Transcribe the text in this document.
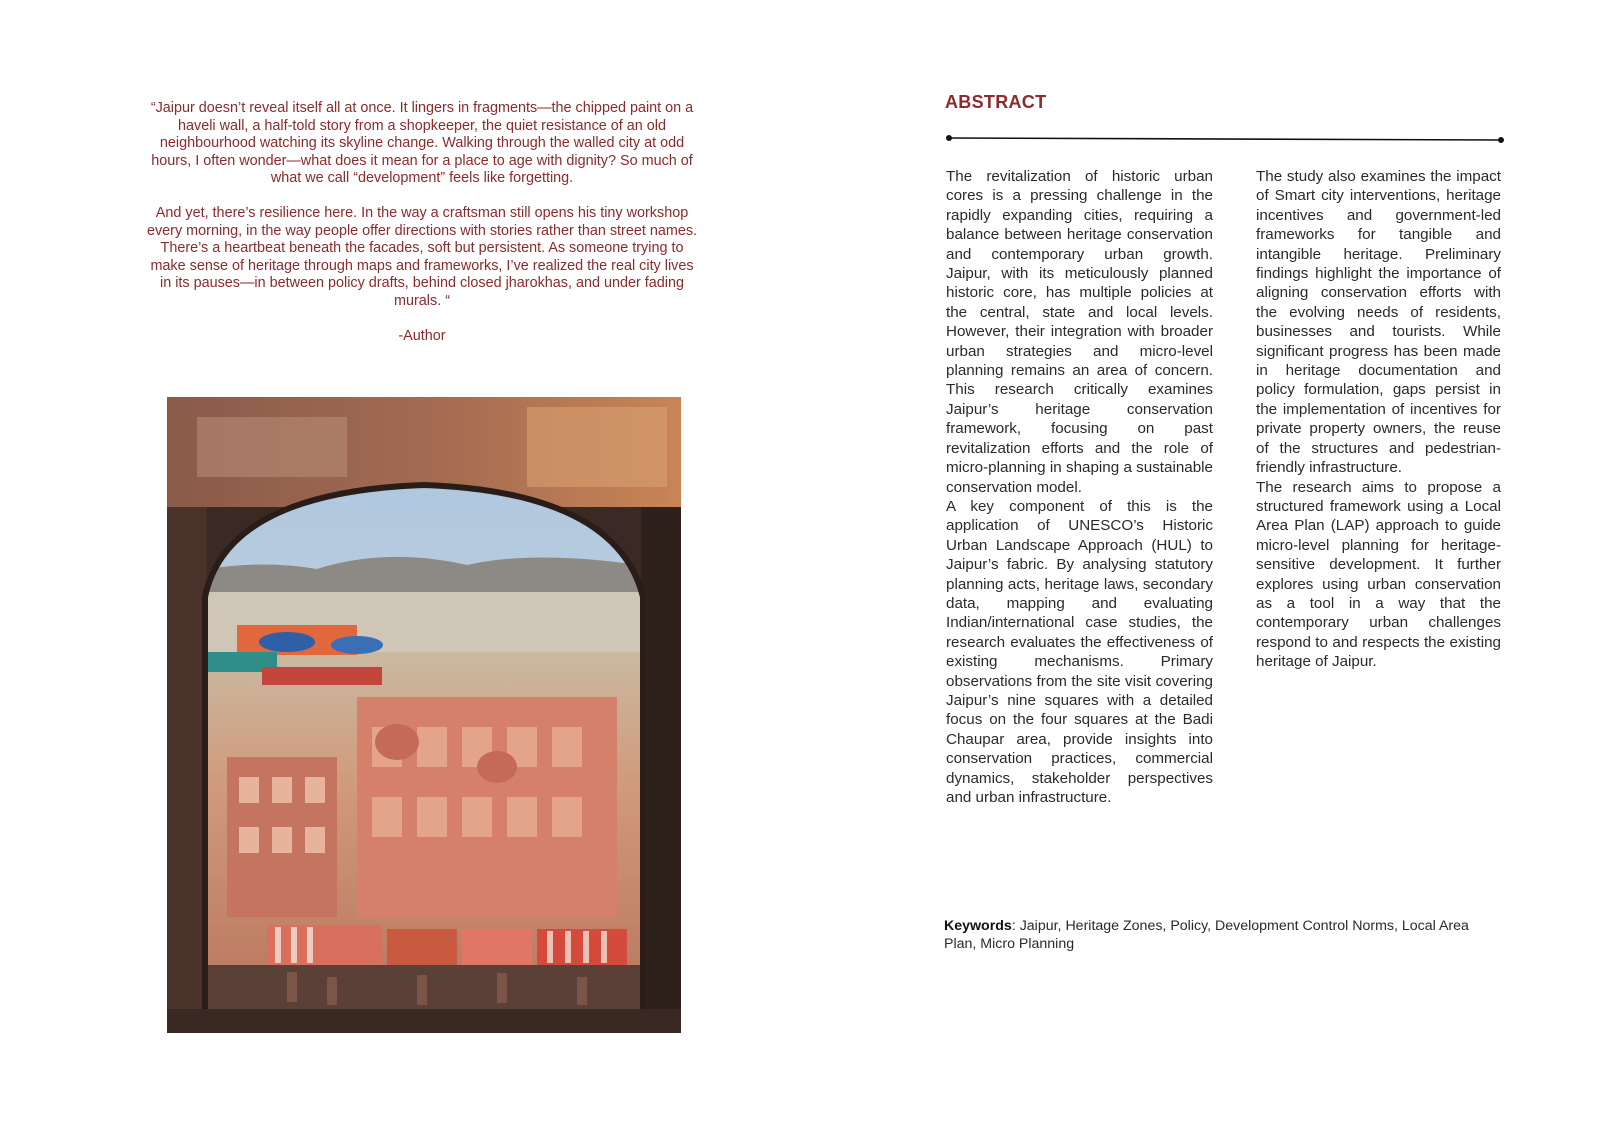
“Jaipur doesn’t reveal itself all at once. It lingers in fragments—the chipped paint on a haveli wall, a half-told story from a shopkeeper, the quiet resistance of an old neighbourhood watching its skyline change. Walking through the walled city at odd hours, I often wonder—what does it mean for a place to age with dignity? So much of what we call “development” feels like forgetting.

And yet, there’s resilience here. In the way a craftsman still opens his tiny workshop every morning, in the way people offer directions with stories rather than street names. There’s a heartbeat beneath the facades, soft but persistent. As someone trying to make sense of heritage through maps and frameworks, I’ve realized the real city lives in its pauses—in between policy drafts, behind closed jharokhas, and under fading murals. “

-Author

ABSTRACT

The revitalization of historic urban cores is a pressing challenge in the rapidly expanding cities, requiring a balance between heritage conservation and contemporary urban growth. Jaipur, with its meticulously planned historic core, has multiple policies at the central, state and local levels. However, their integration with broader urban strategies and micro-level planning remains an area of concern. This research critically examines Jaipur’s heritage conservation framework, focusing on past revitalization efforts and the role of micro-planning in shaping a sustainable conservation model.

A key component of this is the application of UNESCO’s Historic Urban Landscape Approach (HUL) to Jaipur’s fabric. By analysing statutory planning acts, heritage laws, secondary data, mapping and evaluating Indian/international case studies, the research evaluates the effectiveness of existing mechanisms. Primary observations from the site visit covering Jaipur’s nine squares with a detailed focus on the four squares at the Badi Chaupar area, provide insights into conservation practices, commercial dynamics, stakeholder perspectives and urban infrastructure.

The study also examines the impact of Smart city interventions, heritage incentives and government-led frameworks for tangible and intangible heritage. Preliminary findings highlight the importance of aligning conservation efforts with the evolving needs of residents, businesses and tourists. While significant progress has been made in heritage documentation and policy formulation, gaps persist in the implementation of incentives for private property owners, the reuse of the structures and pedestrian-friendly infrastructure.

The research aims to propose a structured framework using a Local Area Plan (LAP) approach to guide micro-level planning for heritage-sensitive development. It further explores using urban conservation as a tool in a way that the contemporary urban challenges respond to and respects the existing heritage of Jaipur.

Keywords: Jaipur, Heritage Zones, Policy, Development Control Norms, Local Area Plan, Micro Planning
